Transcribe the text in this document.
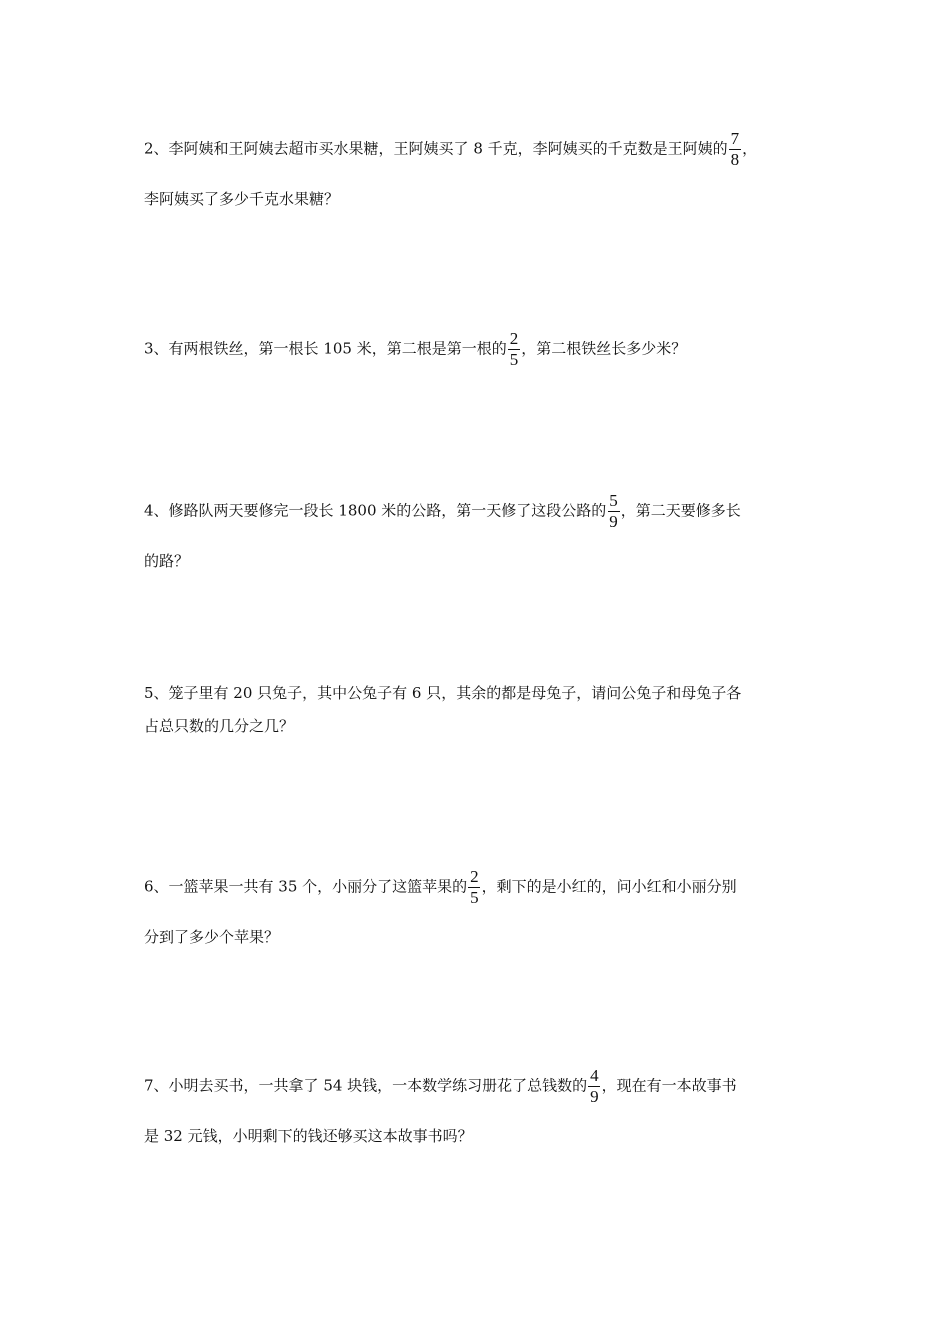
2、李阿姨和王阿姨去超市买水果糖，王阿姨买了 8 千克，李阿姨买的千克数是王阿姨的 $\frac{7}{8}$ ，
李阿姨买了多少千克水果糖？
3、有两根铁丝，第一根长 105 米，第二根是第一根的 $\frac{2}{5}$ ，第二根铁丝长多少米？
4、修路队两天要修完一段长 1800 米的公路，第一天修了这段公路的 $\frac{5}{9}$ ，第二天要修多长
的路？
5、笼子里有 20 只兔子，其中公兔子有 6 只，其余的都是母兔子，请问公兔子和母兔子各
占总只数的几分之几？
6、一篮苹果一共有 35 个，小丽分了这篮苹果的 $\frac{2}{5}$ ，剩下的是小红的，问小红和小丽分别
分到了多少个苹果？
7、小明去买书，一共拿了 54 块钱，一本数学练习册花了总钱数的 $\frac{4}{9}$ ，现在有一本故事书
是 32 元钱，小明剩下的钱还够买这本故事书吗？
